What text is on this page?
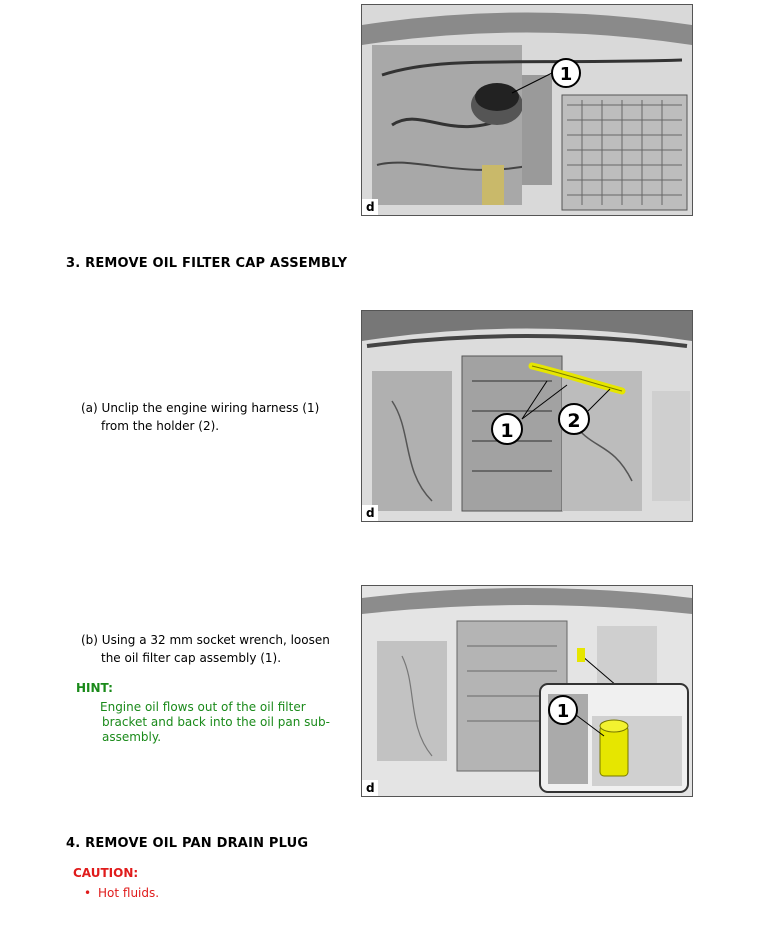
1
d
3. REMOVE OIL FILTER CAP ASSEMBLY
1	2
d
(a) Unclip the engine wiring harness (1)
from the holder (2).
1
d
(b) Using a 32 mm socket wrench, loosen
the oil filter cap assembly (1).
HINT:
Engine oil flows out of the oil filter
bracket and back into the oil pan sub-
assembly.
4. REMOVE OIL PAN DRAIN PLUG
CAUTION:
• Hot fluids.
